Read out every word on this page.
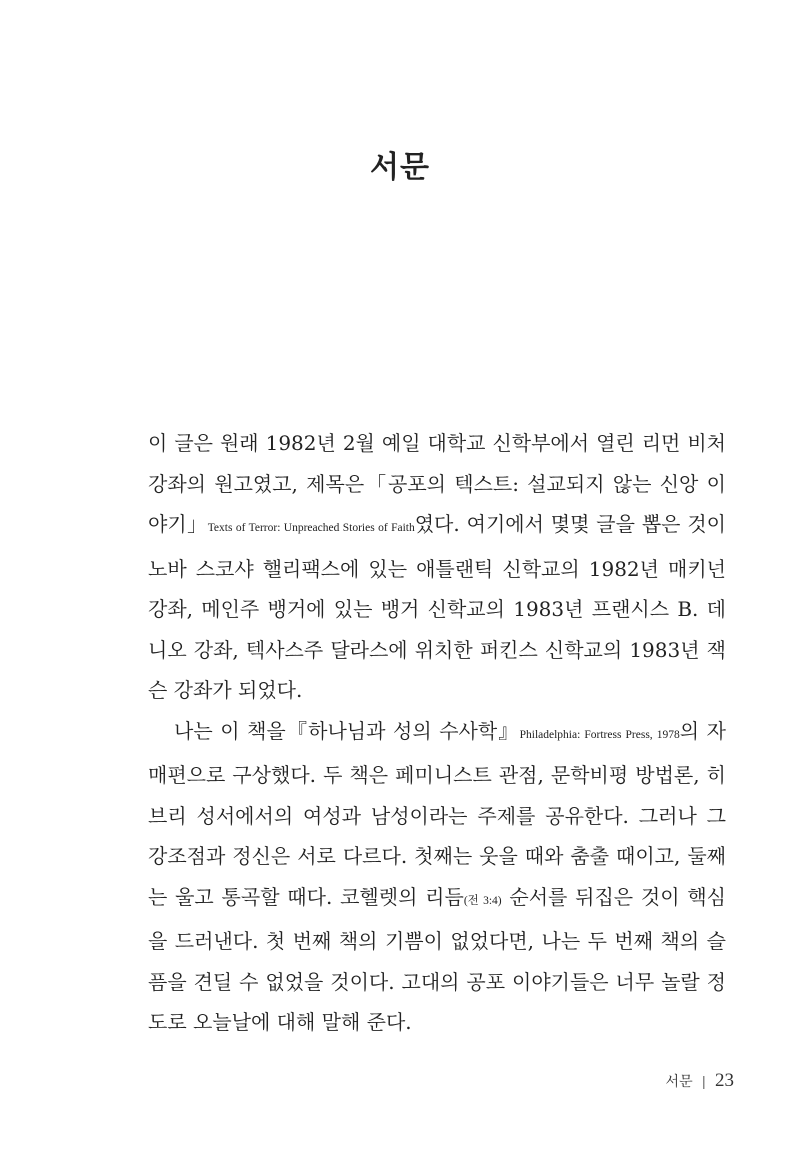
서문

이 글은 원래 1982년 2월 예일 대학교 신학부에서 열린 리먼 비처 강좌의 원고였고, 제목은「공포의 텍스트: 설교되지 않는 신앙 이야기」Texts of Terror: Unpreached Stories of Faith였다. 여기에서 몇몇 글을 뽑은 것이 노바 스코샤 핼리팩스에 있는 애틀랜틱 신학교의 1982년 매키넌 강좌, 메인주 뱅거에 있는 뱅거 신학교의 1983년 프랜시스 B. 데니오 강좌, 텍사스주 달라스에 위치한 퍼킨스 신학교의 1983년 잭슨 강좌가 되었다.

나는 이 책을『하나님과 성의 수사학』Philadelphia: Fortress Press, 1978의 자매편으로 구상했다. 두 책은 페미니스트 관점, 문학비평 방법론, 히브리 성서에서의 여성과 남성이라는 주제를 공유한다. 그러나 그 강조점과 정신은 서로 다르다. 첫째는 웃을 때와 춤출 때이고, 둘째는 울고 통곡할 때다. 코헬렛의 리듬(전 3:4) 순서를 뒤집은 것이 핵심을 드러낸다. 첫 번째 책의 기쁨이 없었다면, 나는 두 번째 책의 슬픔을 견딜 수 없었을 것이다. 고대의 공포 이야기들은 너무 놀랄 정도로 오늘날에 대해 말해 준다.

서문 | 23
